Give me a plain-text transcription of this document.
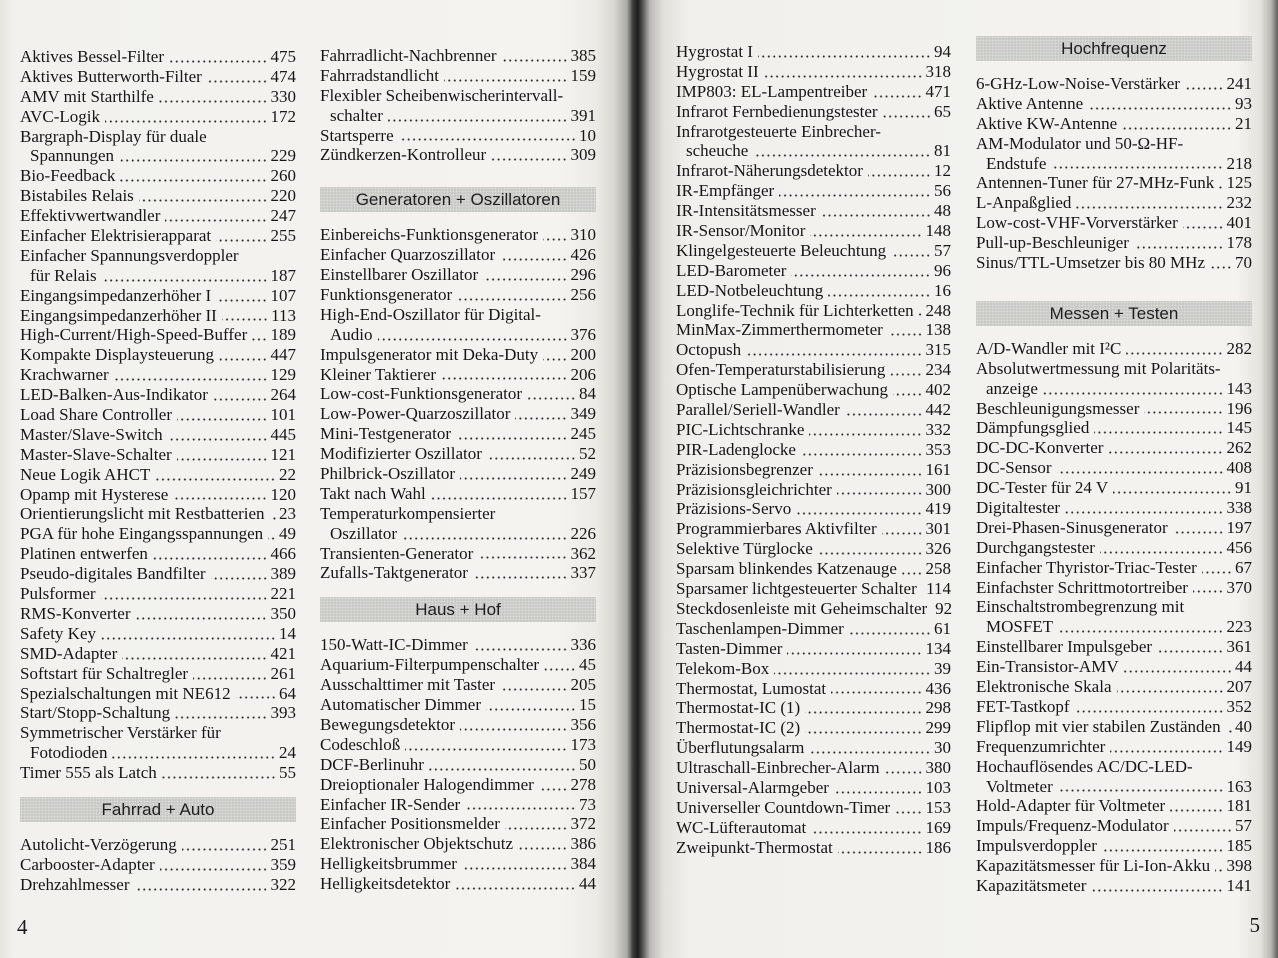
4
Aktives Bessel-Filter	475
Aktives Butterworth-Filter	474
AMV mit Starthilfe	330
AVC-Logik	172
Bargraph-Display für duale
Spannungen	229
Bio-Feedback	260
Bistabiles Relais	220
Effektivwertwandler	247
Einfacher Elektrisierapparat	255
Einfacher Spannungsverdoppler
für Relais	187
Eingangsimpedanzerhöher I	107
Eingangsimpedanzerhöher II	113
High-Current/High-Speed-Buffer 189
Kompakte Displaysteuerung	447
Krachwarner	129
LED-Balken-Aus-Indikator	264
Load Share Controller	101
Master/Slave-Switch	445
Master-Slave-Schalter	121
Neue Logik AHCT	22
Opamp mit Hysterese	120
Orientierungslicht mit Restbatterien 23
PGA für hohe Eingangsspannungen 49
Platinen entwerfen	466
Pseudo-digitales Bandfilter	389
Pulsformer	221
RMS-Konverter	350
Safety Key	14
SMD-Adapter	421
Softstart für Schaltregler	261
Spezialschaltungen mit NE612	64
Start/Stopp-Schaltung	393
Symmetrischer Verstärker für
Fotodioden	24
Timer 555 als Latch	55
Fahrrad + Auto
Autolicht-Verzögerung	251
Carbooster-Adapter	359
Drehzahlmesser	322
Fahrradlicht-Nachbrenner	385
Fahrradstandlicht	159
Flexibler Scheibenwischerintervall-
schalter	391
Startsperre	10
Zündkerzen-Kontrolleur	309
Generatoren + Oszillatoren
Einbereichs-Funktionsgenerator 310
Einfacher Quarzoszillator	426
Einstellbarer Oszillator	296
Funktionsgenerator	256
High-End-Oszillator für Digital-
Audio	376
Impulsgenerator mit Deka-Duty 200
Kleiner Taktierer	206
Low-cost-Funktionsgenerator	84
Low-Power-Quarzoszillator	349
Mini-Testgenerator	245
Modifizierter Oszillator	52
Philbrick-Oszillator	249
Takt nach Wahl	157
Temperaturkompensierter
Oszillator	226
Transienten-Generator	362
Zufalls-Taktgenerator	337
Haus + Hof
150-Watt-IC-Dimmer	336
Aquarium-Filterpumpenschalter 45
Ausschalttimer mit Taster	205
Automatischer Dimmer	15
Bewegungsdetektor	356
Codeschloß	173
DCF-Berlinuhr	50
Dreioptionaler Halogendimmer 278
Einfacher IR-Sender	73
Einfacher Positionsmelder	372
Elektronischer Objektschutz	386
Helligkeitsbrummer	384
Helligkeitsdetektor	44
5
Hygrostat I	94
Hygrostat II	318
IMP803: EL-Lampentreiber	471
Infrarot Fernbedienungstester	65
Infrarotgesteuerte Einbrecher-
scheuche	81
Infrarot-Näherungsdetektor	12
IR-Empfänger	56
IR-Intensitätsmesser	48
IR-Sensor/Monitor	148
Klingelgesteuerte Beleuchtung	57
LED-Barometer	96
LED-Notbeleuchtung	16
Longlife-Technik für Lichterketten 248
MinMax-Zimmerthermometer	138
Octopush	315
Ofen-Temperaturstabilisierung 234
Optische Lampenüberwachung 402
Parallel/Seriell-Wandler	442
PIC-Lichtschranke	332
PIR-Ladenglocke	353
Präzisionsbegrenzer	161
Präzisionsgleichrichter	300
Präzisions-Servo	419
Programmierbares Aktivfilter	301
Selektive Türglocke	326
Sparsam blinkendes Katzenauge 258
Sparsamer lichtgesteuerter Schalter 114
Steckdosenleiste mit Geheimschalter 92
Taschenlampen-Dimmer	61
Tasten-Dimmer	134
Telekom-Box	39
Thermostat, Lumostat	436
Thermostat-IC (1)	298
Thermostat-IC (2)	299
Überflutungsalarm	30
Ultraschall-Einbrecher-Alarm	380
Universal-Alarmgeber	103
Universeller Countdown-Timer 153
WC-Lüfterautomat	169
Zweipunkt-Thermostat	186
Hochfrequenz
6-GHz-Low-Noise-Verstärker	241
Aktive Antenne	93
Aktive KW-Antenne	21
AM-Modulator und 50-Ω-HF-
Endstufe	218
Antennen-Tuner für 27-MHz-Funk 125
L-Anpaßglied	232
Low-cost-VHF-Vorverstärker	401
Pull-up-Beschleuniger	178
Sinus/TTL-Umsetzer bis 80 MHz 70
Messen + Testen
A/D-Wandler mit I²C	282
Absolutwertmessung mit Polaritäts-
anzeige	143
Beschleunigungsmesser	196
Dämpfungsglied	145
DC-DC-Konverter	262
DC-Sensor	408
DC-Tester für 24 V	91
Digitaltester	338
Drei-Phasen-Sinusgenerator	197
Durchgangstester	456
Einfacher Thyristor-Triac-Tester 67
Einfachster Schrittmotortreiber 370
Einschaltstrombegrenzung mit
MOSFET	223
Einstellbarer Impulsgeber	361
Ein-Transistor-AMV	44
Elektronische Skala	207
FET-Tastkopf	352
Flipflop mit vier stabilen Zuständen 40
Frequenzumrichter	149
Hochauflösendes AC/DC-LED-
Voltmeter	163
Hold-Adapter für Voltmeter	181
Impuls/Frequenz-Modulator	57
Impulsverdoppler	185
Kapazitätsmesser für Li-Ion-Akku 398
Kapazitätsmeter	141
